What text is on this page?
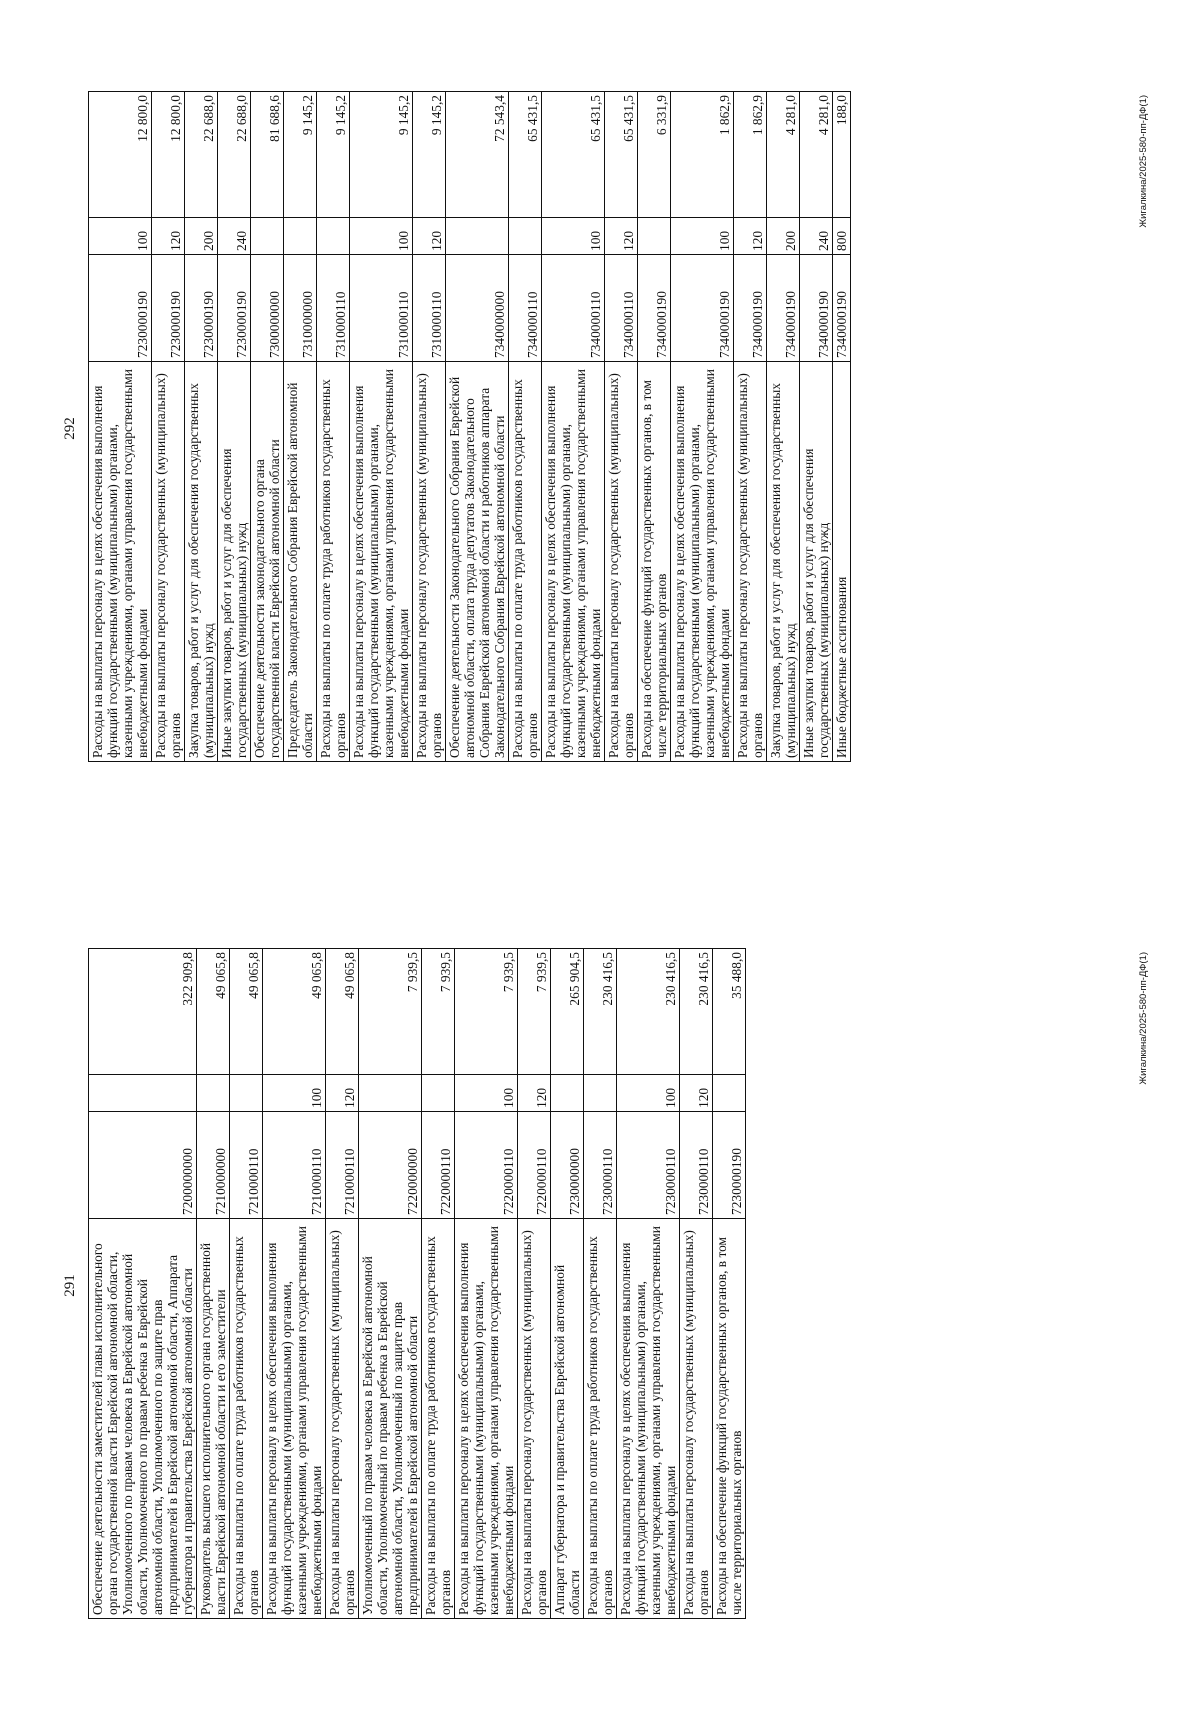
291 Обеспечение деятельности заместителей главы исполнительного органа государственной власти Еврейской автономной области, Уполномоченного по правам человека в Еврейской автономной области, Уполномоченного по правам ребенка в Еврейской автономной области, Уполномоченного по защите прав предпринимателей в Еврейской автономной области, Аппарата губернатора и правительства Еврейской автономной области	7200000000		322 909,8
Руководитель высшего исполнительного органа государственной власти Еврейской автономной области и его заместители	7210000000		49 065,8
Расходы на выплаты по оплате труда работников государственных органов	7210000110		49 065,8
Расходы на выплаты персоналу в целях обеспечения выполнения функций государственными (муниципальными) органами, казенными учреждениями, органами управления государственными внебюджетными фондами	7210000110	100	49 065,8
Расходы на выплаты персоналу государственных (муниципальных) органов	7210000110	120	49 065,8
Уполномоченный по правам человека в Еврейской автономной области, Уполномоченный по правам ребенка в Еврейской автономной области, Уполномоченный по защите прав предпринимателей в Еврейской автономной области	7220000000		7 939,5
Расходы на выплаты по оплате труда работников государственных органов	7220000110		7 939,5
Расходы на выплаты персоналу в целях обеспечения выполнения функций государственными (муниципальными) органами, казенными учреждениями, органами управления государственными внебюджетными фондами	7220000110	100	7 939,5
Расходы на выплаты персоналу государственных (муниципальных) органов	7220000110	120	7 939,5
Аппарат губернатора и правительства Еврейской автономной области	7230000000		265 904,5
Расходы на выплаты по оплате труда работников государственных органов	7230000110		230 416,5
Расходы на выплаты персоналу в целях обеспечения выполнения функций государственными (муниципальными) органами, казенными учреждениями, органами управления государственными внебюджетными фондами	7230000110	100	230 416,5
Расходы на выплаты персоналу государственных (муниципальных) органов	7230000110	120	230 416,5
Расходы на обеспечение функций государственных органов, в том числе территориальных органов	7230000190		35 488,0	Жигалкина/2025-580-пп-ДФ(1)
292 Расходы на выплаты персоналу в целях обеспечения выполнения функций государственными (муниципальными) органами, казенными учреждениями, органами управления государственными внебюджетными фондами	7230000190	100	12 800,0
Расходы на выплаты персоналу государственных (муниципальных) органов	7230000190	120	12 800,0
Закупка товаров, работ и услуг для обеспечения государственных (муниципальных) нужд	7230000190	200	22 688,0
Иные закупки товаров, работ и услуг для обеспечения государственных (муниципальных) нужд	7230000190	240	22 688,0
Обеспечение деятельности законодательного органа государственной власти Еврейской автономной области	7300000000		81 688,6
Председатель Законодательного Собрания Еврейской автономной области	7310000000		9 145,2
Расходы на выплаты по оплате труда работников государственных органов	7310000110		9 145,2
Расходы на выплаты персоналу в целях обеспечения выполнения функций государственными (муниципальными) органами, казенными учреждениями, органами управления государственными внебюджетными фондами	7310000110	100	9 145,2
Расходы на выплаты персоналу государственных (муниципальных) органов	7310000110	120	9 145,2
Обеспечение деятельности Законодательного Собрания Еврейской автономной области, оплата труда депутатов Законодательного Собрания Еврейской автономной области и работников аппарата Законодательного Собрания Еврейской автономной области	7340000000		72 543,4
Расходы на выплаты по оплате труда работников государственных органов	7340000110		65 431,5
Расходы на выплаты персоналу в целях обеспечения выполнения функций государственными (муниципальными) органами, казенными учреждениями, органами управления государственными внебюджетными фондами	7340000110	100	65 431,5
Расходы на выплаты персоналу государственных (муниципальных) органов	7340000110	120	65 431,5
Расходы на обеспечение функций государственных органов, в том числе территориальных органов	7340000190		6 331,9
Расходы на выплаты персоналу в целях обеспечения выполнения функций государственными (муниципальными) органами, казенными учреждениями, органами управления государственными внебюджетными фондами	7340000190	100	1 862,9
Расходы на выплаты персоналу государственных (муниципальных) органов	7340000190	120	1 862,9
Закупка товаров, работ и услуг для обеспечения государственных (муниципальных) нужд	7340000190	200	4 281,0
Иные закупки товаров, работ и услуг для обеспечения государственных (муниципальных) нужд	7340000190	240	4 281,0
Иные бюджетные ассигнования	7340000190	800	188,0	Жигалкина/2025-580-пп-ДФ(1)
